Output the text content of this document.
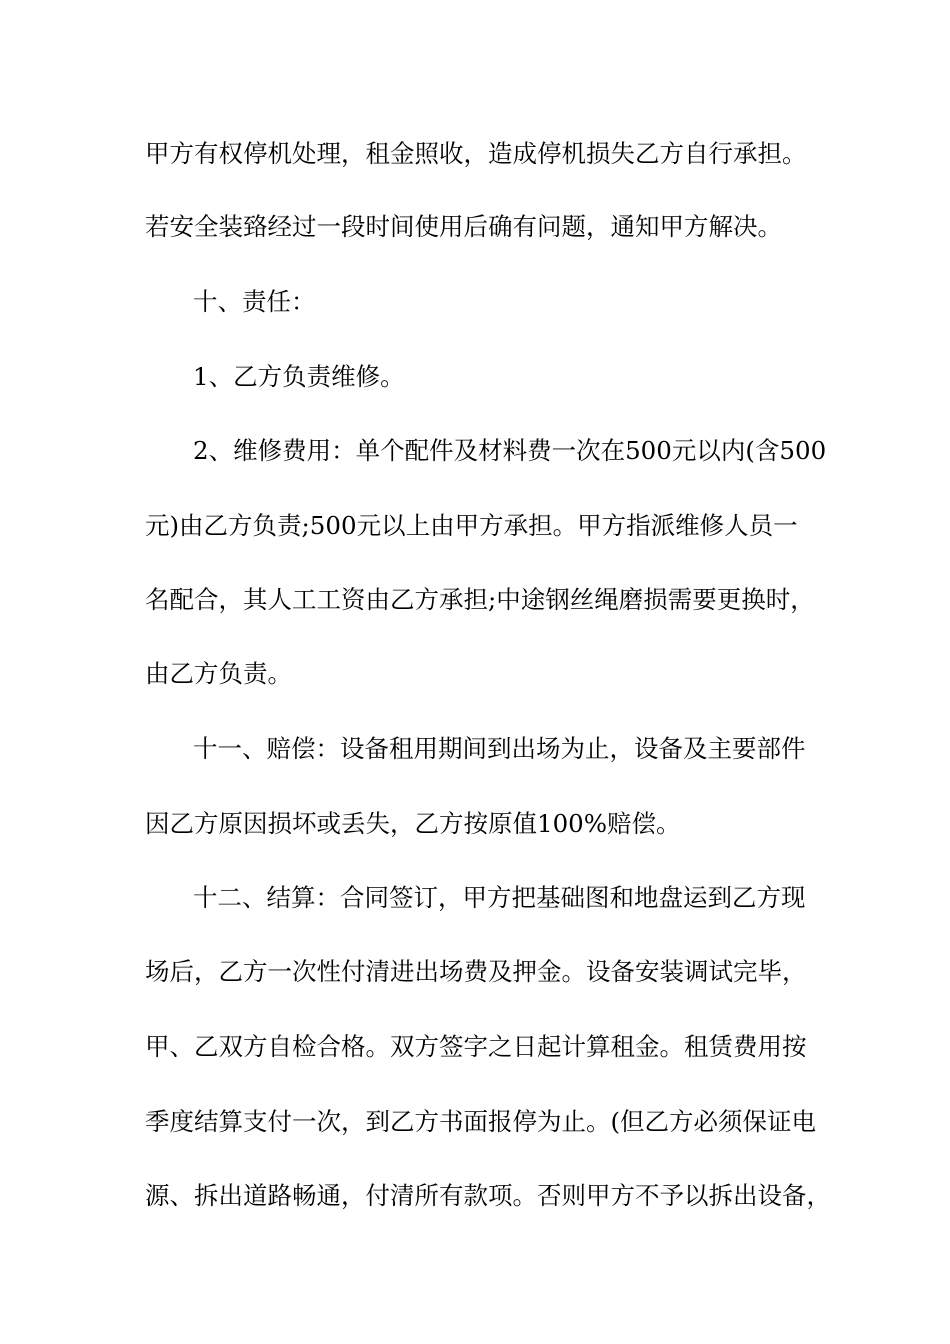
甲方有权停机处理，租金照收，造成停机损失乙方自行承担。
若安全装臵经过一段时间使用后确有问题，通知甲方解决。
十、责任：
1、乙方负责维修。
2、维修费用：单个配件及材料费一次在500元以内(含500
元)由乙方负责;500元以上由甲方承担。甲方指派维修人员一
名配合，其人工工资由乙方承担;中途钢丝绳磨损需要更换时，
由乙方负责。
十一、赔偿：设备租用期间到出场为止，设备及主要部件
因乙方原因损坏或丢失，乙方按原值100%赔偿。
十二、结算：合同签订，甲方把基础图和地盘运到乙方现
场后，乙方一次性付清进出场费及押金。设备安装调试完毕，
甲、乙双方自检合格。双方签字之日起计算租金。租赁费用按
季度结算支付一次，到乙方书面报停为止。(但乙方必须保证电
源、拆出道路畅通，付清所有款项。否则甲方不予以拆出设备，
